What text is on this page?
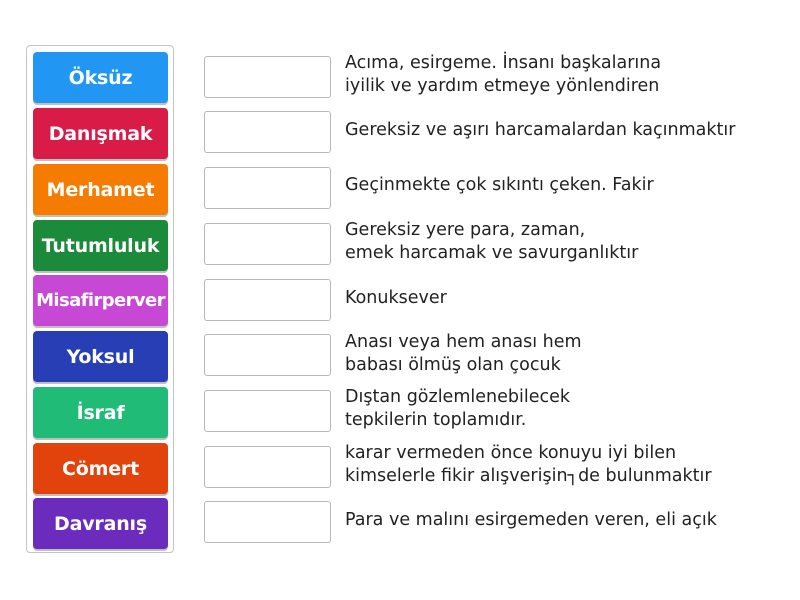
Öksüz
Danışmak
Merhamet
Tutumluluk
Misafirperver
Yoksul
İsraf
Cömert
Davranış
Acıma, esirgeme. İnsanı başkalarına
iyilik ve yardım etmeye yönlendiren
Gereksiz ve aşırı harcamalardan kaçınmaktır
Geçinmekte çok sıkıntı çeken. Fakir
Gereksiz yere para, zaman,
emek harcamak ve savurganlıktır
Konuksever
Anası veya hem anası hem
babası ölmüş olan çocuk
Dıştan gözlemlenebilecek
tepkilerin toplamıdır.
karar vermeden önce konuyu iyi bilen
kimselerle fikir alışverişin┐de bulunmaktır
Para ve malını esirgemeden veren, eli açık
